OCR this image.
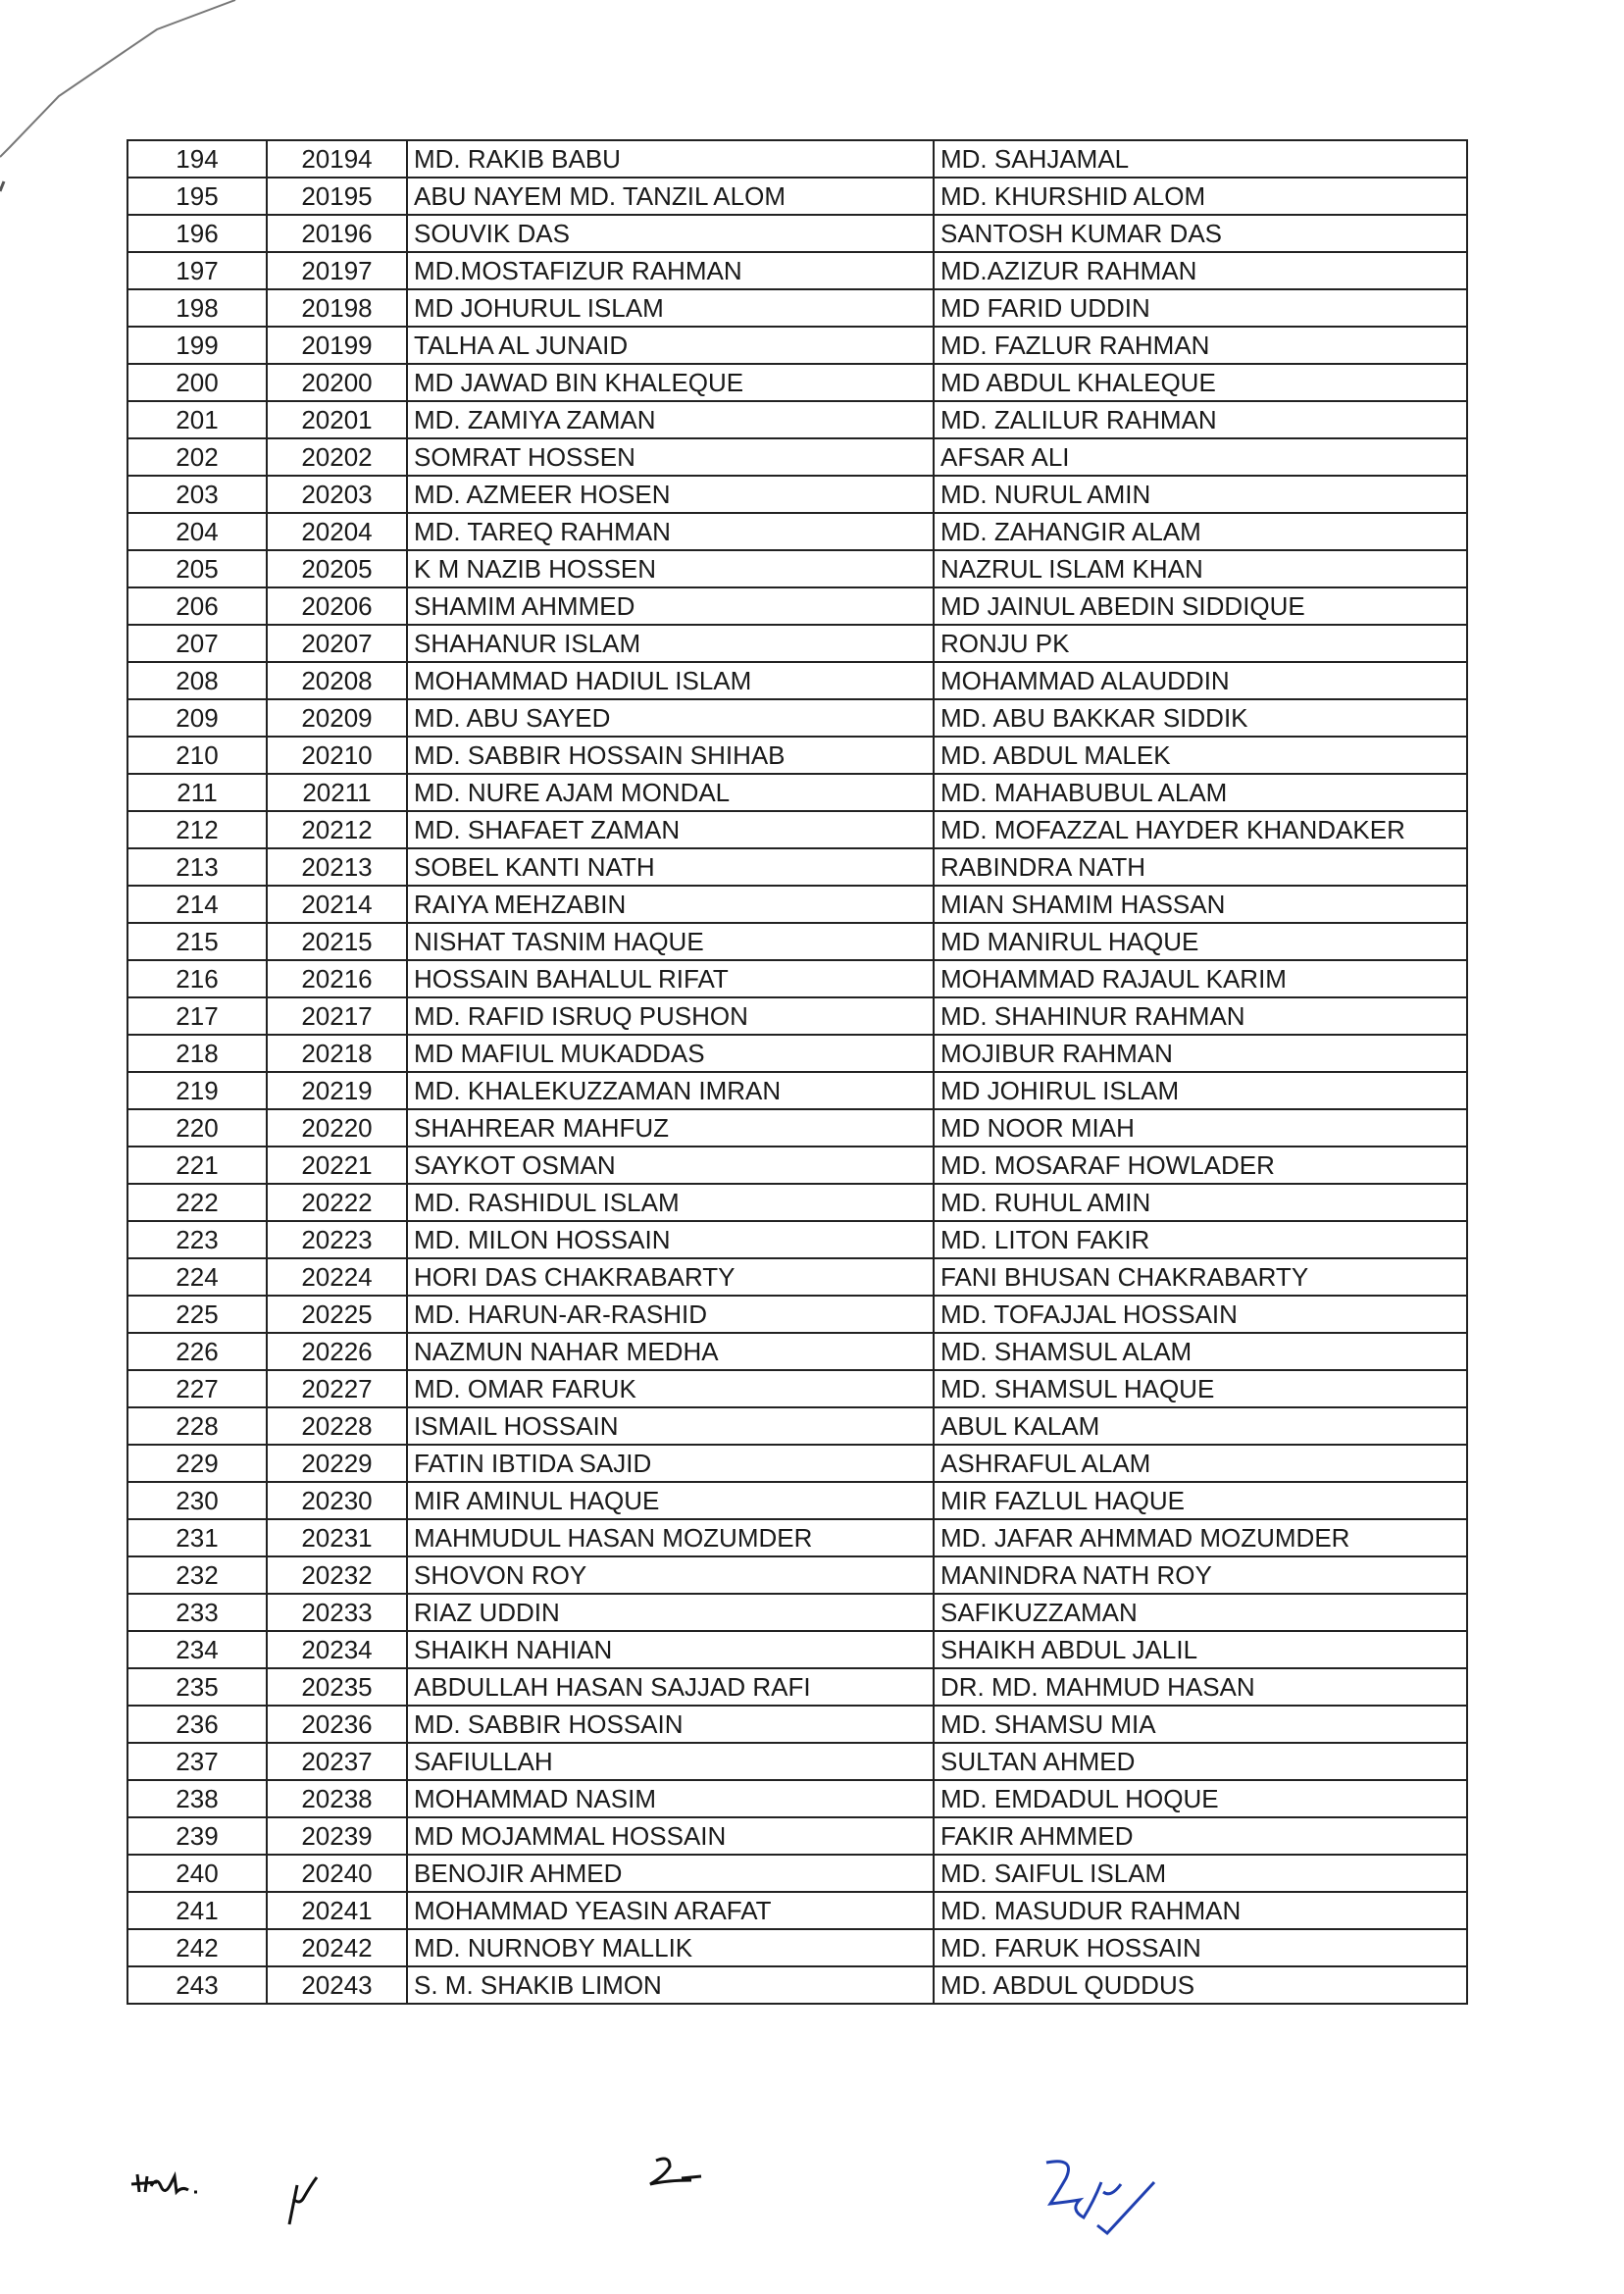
194	20194	MD. RAKIB BABU	MD. SAHJAMAL
195	20195	ABU NAYEM MD. TANZIL ALOM	MD. KHURSHID ALOM
196	20196	SOUVIK DAS	SANTOSH KUMAR DAS
197	20197	MD.MOSTAFIZUR RAHMAN	MD.AZIZUR RAHMAN
198	20198	MD JOHURUL ISLAM	MD FARID UDDIN
199	20199	TALHA AL JUNAID	MD. FAZLUR RAHMAN
200	20200	MD JAWAD BIN KHALEQUE	MD ABDUL KHALEQUE
201	20201	MD. ZAMIYA ZAMAN	MD. ZALILUR RAHMAN
202	20202	SOMRAT HOSSEN	AFSAR ALI
203	20203	MD. AZMEER HOSEN	MD. NURUL AMIN
204	20204	MD. TAREQ RAHMAN	MD. ZAHANGIR ALAM
205	20205	K M NAZIB HOSSEN	NAZRUL ISLAM KHAN
206	20206	SHAMIM AHMMED	MD JAINUL ABEDIN SIDDIQUE
207	20207	SHAHANUR ISLAM	RONJU PK
208	20208	MOHAMMAD HADIUL ISLAM	MOHAMMAD ALAUDDIN
209	20209	MD. ABU SAYED	MD. ABU BAKKAR SIDDIK
210	20210	MD. SABBIR HOSSAIN SHIHAB	MD. ABDUL MALEK
211	20211	MD. NURE AJAM MONDAL	MD. MAHABUBUL ALAM
212	20212	MD. SHAFAET ZAMAN	MD. MOFAZZAL HAYDER KHANDAKER
213	20213	SOBEL KANTI NATH	RABINDRA NATH
214	20214	RAIYA MEHZABIN	MIAN SHAMIM HASSAN
215	20215	NISHAT TASNIM HAQUE	MD MANIRUL HAQUE
216	20216	HOSSAIN BAHALUL RIFAT	MOHAMMAD RAJAUL KARIM
217	20217	MD. RAFID ISRUQ PUSHON	MD. SHAHINUR RAHMAN
218	20218	MD MAFIUL MUKADDAS	MOJIBUR RAHMAN
219	20219	MD. KHALEKUZZAMAN IMRAN	MD JOHIRUL ISLAM
220	20220	SHAHREAR MAHFUZ	MD NOOR MIAH
221	20221	SAYKOT OSMAN	MD. MOSARAF HOWLADER
222	20222	MD. RASHIDUL ISLAM	MD. RUHUL AMIN
223	20223	MD. MILON HOSSAIN	MD. LITON FAKIR
224	20224	HORI DAS CHAKRABARTY	FANI BHUSAN CHAKRABARTY
225	20225	MD. HARUN-AR-RASHID	MD. TOFAJJAL HOSSAIN
226	20226	NAZMUN NAHAR MEDHA	MD. SHAMSUL ALAM
227	20227	MD. OMAR FARUK	MD. SHAMSUL HAQUE
228	20228	ISMAIL HOSSAIN	ABUL KALAM
229	20229	FATIN IBTIDA SAJID	ASHRAFUL ALAM
230	20230	MIR AMINUL HAQUE	MIR FAZLUL HAQUE
231	20231	MAHMUDUL HASAN MOZUMDER	MD. JAFAR AHMMAD MOZUMDER
232	20232	SHOVON ROY	MANINDRA NATH ROY
233	20233	RIAZ UDDIN	SAFIKUZZAMAN
234	20234	SHAIKH NAHIAN	SHAIKH ABDUL JALIL
235	20235	ABDULLAH HASAN SAJJAD RAFI	DR. MD. MAHMUD HASAN
236	20236	MD. SABBIR HOSSAIN	MD. SHAMSU MIA
237	20237	SAFIULLAH	SULTAN AHMED
238	20238	MOHAMMAD NASIM	MD. EMDADUL HOQUE
239	20239	MD MOJAMMAL HOSSAIN	FAKIR AHMMED
240	20240	BENOJIR AHMED	MD. SAIFUL ISLAM
241	20241	MOHAMMAD YEASIN ARAFAT	MD. MASUDUR RAHMAN
242	20242	MD. NURNOBY MALLIK	MD. FARUK HOSSAIN
243	20243	S. M. SHAKIB LIMON	MD. ABDUL QUDDUS
